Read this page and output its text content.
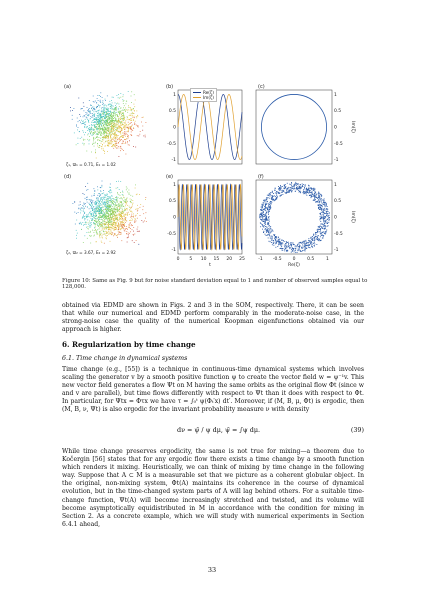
(a)
ζ₁, ϖ₁ = 0.71, E₁ = 1.02
(b)
1
0.5
0
-0.5
-1
Re(ζ)
Im(ζ)
(c)
1
0.5
0
-0.5
-1
Im(ζ)
(d)
ζ₂, ϖ₂ = 3.67, E₂ = 2.92
(e)
1
0.5
0
-0.5
-1
0 5 10 15 20 25
t
(f)
1
0.5
0
-0.5
-1
Im(ζ)
-1 -0.5 0	0.5	1
Re(ζ)
Figure 10: Same as Fig. 9 but for noise standard deviation equal to 1 and number of observed samples equal to 128,000.
obtained via EDMD are shown in Figs. 2 and 3 in the SOM, respectively. There, it can be seen that while our numerical and EDMD perform comparably in the moderate-noise case, in the strong-noise case the quality of the numerical Koopman eigenfunctions obtained via our approach is higher.
6. Regularization by time change
6.1. Time change in dynamical systems
Time change (e.g., [55]) is a technique in continuous-time dynamical systems which involves scaling the generator v by a smooth positive function ψ to create the vector field w = ψ⁻¹v. This new vector field generates a flow Ψt on M having the same orbits as the original flow Φt (since w and v are parallel), but time flows differently with respect to Ψt than it does with respect to Φt. In particular, for Ψtx = Φτx we have τ = ∫₀ᵗ ψ(Φₜ′x) dt′. Moreover, if (M, B, μ, Φt) is ergodic, then (M, B, ν, Ψt) is also ergodic for the invariant probability measure ν with density
dν = ψ̄ / ψ dμ, ψ̄ = ∫ψ dμ.	(39)
While time change preserves ergodicity, the same is not true for mixing—a theorem due to Kočergin [56] states that for any ergodic flow there exists a time change by a smooth function which renders it mixing. Heuristically, we can think of mixing by time change in the following way. Suppose that A ⊂ M is a measurable set that we picture as a coherent globular object. In the original, non-mixing system, Φt(A) maintains its coherence in the course of dynamical evolution, but in the time-changed system parts of A will lag behind others. For a suitable time-change function, Ψt(A) will become increasingly stretched and twisted, and its volume will become asymptotically equidistributed in M in accordance with the condition for mixing in Section 2. As a concrete example, which we will study with numerical experiments in Section 6.4.1 ahead,
33
